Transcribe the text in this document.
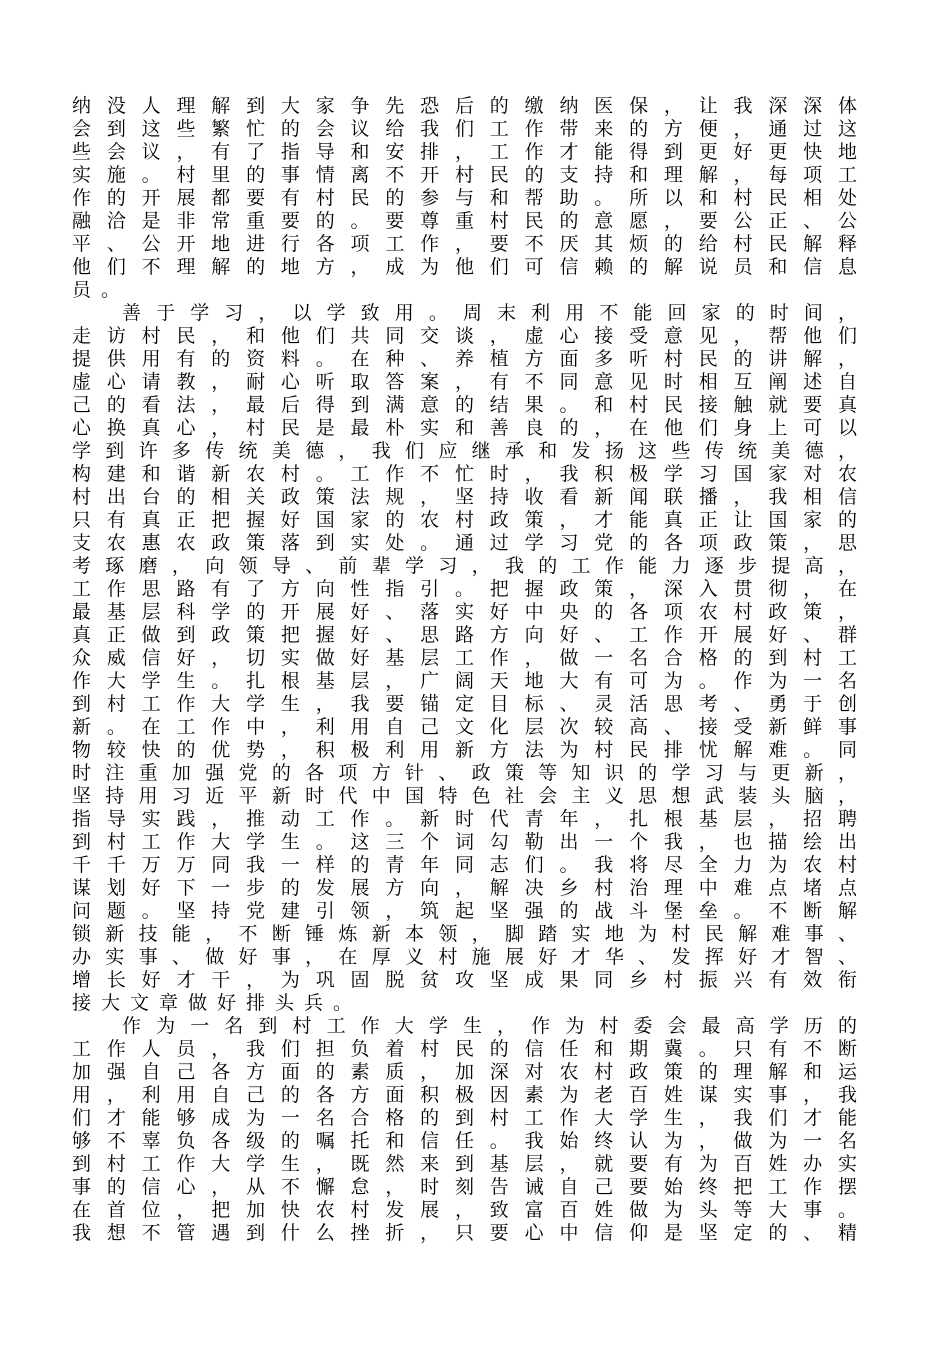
纳没人理解到大家争先恐后的缴纳医保，让我深深体
会到这些繁忙的会议给我们工作带来的方便，通过这
些会议，有了指导和安排，工作才能得到更好更快地
实施。村里的事情离不开村民的支持和理解，每项工
作的开展都要有村民的参与和帮助。所以和村民相处
融洽是非常重要的。要尊重村民的意愿，要公正、公
平、公开地进行各项工作，要不厌其烦的给村民解释
他们不理解的地方，成为他们可信赖的解说员和信息
员。
善于学习，以学致用。周末利用不能回家的时间，
走访村民，和他们共同交谈，虚心接受意见，帮他们
提供用有的资料。在种、养植方面多听村民的讲解，
虚心请教，耐心听取答案，有不同意见时相互阐述自
己的看法，最后得到满意的结果。和村民接触就要真
心换真心，村民是最朴实和善良的，在他们身上可以
学到许多传统美德，我们应继承和发扬这些传统美德，
构建和谐新农村。工作不忙时，我积极学习国家对农
村出台的相关政策法规，坚持收看新闻联播，我相信
只有真正把握好国家的农村政策，才能真正让国家的
支农惠农政策落到实处。通过学习党的各项政策，思
考琢磨，向领导、前辈学习，我的工作能力逐步提高，
工作思路有了方向性指引。把握政策，深入贯彻，在
最基层科学的开展好、落实好中央的各项农村政策，
真正做到政策把握好、思路方向好、工作开展好、群
众威信好，切实做好基层工作，做一名合格的到村工
作大学生。扎根基层，广阔天地大有可为。作为一名
到村工作大学生，我要锚定目标、灵活思考、勇于创
新。在工作中，利用自己文化层次较高、接受新鲜事
物较快的优势，积极利用新方法为村民排忧解难。同
时注重加强党的各项方针、政策等知识的学习与更新，
坚持用习近平新时代中国特色社会主义思想武装头脑，
指导实践，推动工作。新时代青年，扎根基层，招聘
到村工作大学生。这三个词勾勒出一个我，也描绘出
千千万万同我一样的青年同志们。我将尽全力为农村
谋划好下一步的发展方向，解决乡村治理中难点堵点
问题。坚持党建引领，筑起坚强的战斗堡垒。不断解
锁新技能，不断锤炼新本领，脚踏实地为村民解难事、
办实事、做好事，在厚义村施展好才华、发挥好才智、
增长好才干，为巩固脱贫攻坚成果同乡村振兴有效衔
接大文章做好排头兵。
作为一名到村工作大学生，作为村委会最高学历的
工作人员，我们担负着村民的信任和期冀。只有不断
加强自己各方面的素质，加深对农村政策的理解和运
用，利用自己的各方面积极因素为老百姓谋实事，我
们才能够成为一名合格的到村工作大学生，我们才能
够不辜负各级的嘱托和信任。我始终认为，做为一名
到村工作大学生，既然来到基层，就要有为百姓办实
事的信心，从不懈怠，时刻告诫自己要始终把工作摆
在首位，把加快农村发展，致富百姓做为头等大事。
我想不管遇到什么挫折，只要心中信仰是坚定的、精
